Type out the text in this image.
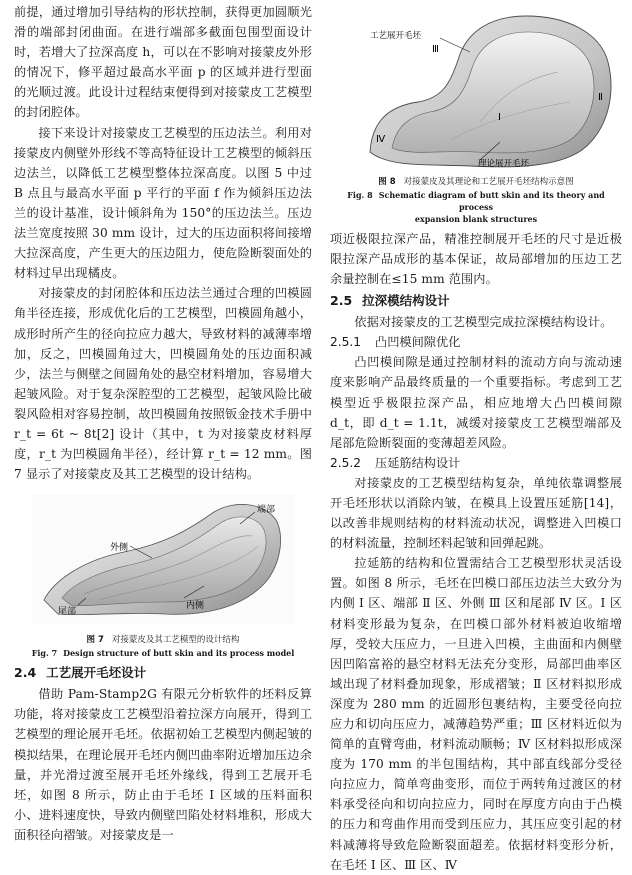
前提，通过增加引导结构的形状控制，获得更加圆顺光滑的端部封闭曲面。在进行端部多截面包围型面设计时，若增大了拉深高度 h，可以在不影响对接蒙皮外形的情况下，修平超过最高水平面 p 的区域并进行型面的光顺过渡。此设计过程结束便得到对接蒙皮工艺模型的封闭腔体。

接下来设计对接蒙皮工艺模型的压边法兰。利用对接蒙皮内侧壁外形线不等高特征设计工艺模型的倾斜压边法兰，以降低工艺模型整体拉深高度。以图 5 中过 B 点且与最高水平面 p 平行的平面 f 作为倾斜压边法兰的设计基准，设计倾斜角为 150°的压边法兰。压边法兰宽度按照 30 mm 设计，过大的压边面积将间接增大拉深高度，产生更大的压边阻力，使危险断裂面处的材料过早出现橘皮。

对接蒙皮的封闭腔体和压边法兰通过合理的凹模圆角半径连接，形成优化后的工艺模型，凹模圆角越小，成形时所产生的径向拉应力越大，导致材料的减薄率增加，反之，凹模圆角过大，凹模圆角处的压边面积减少，法兰与侧壁之间圆角处的悬空材料增加，容易增大起皱风险。对于复杂深腔型的工艺模型，起皱风险比破裂风险相对容易控制，故凹模圆角按照钣金技术手册中 r_t = 6t ~ 8t[2] 设计（其中，t 为对接蒙皮材料厚度，r_t 为凹模圆角半径），经计算 r_t = 12 mm。图 7 显示了对接蒙皮及其工艺模型的设计结构。

外侧
端部
内侧
尾部
图 7 对接蒙皮及其工艺模型的设计结构
Fig. 7 Design structure of butt skin and its process model
2.4 工艺展开毛坯设计

借助 Pam-Stamp2G 有限元分析软件的坯料反算功能，将对接蒙皮工艺模型沿着拉深方向展开，得到工艺模型的理论展开毛坯。依据初始工艺模型内侧起皱的模拟结果，在理论展开毛坯内侧凹曲率附近增加压边余量，并光滑过渡至展开毛坯外缘线，得到工艺展开毛坯，如图 8 所示，防止由于毛坯 Ⅰ 区域的压料面积小、进料速度快，导致内侧壁凹陷处材料堆积，形成大面积径向褶皱。对接蒙皮是一

工艺展开毛坯
理论展开毛坯
Ⅰ
Ⅱ
Ⅲ
Ⅳ
图 8 对接蒙皮及其理论和工艺展开毛坯结构示意图
Fig. 8 Schematic diagram of butt skin and its theory and process
expansion blank structures

项近极限拉深产品，精准控制展开毛坯的尺寸是近极限拉深产品成形的基本保证，故局部增加的压边工艺余量控制在≤15 mm 范围内。

2.5 拉深模结构设计

依据对接蒙皮的工艺模型完成拉深模结构设计。

2.5.1 凸凹模间隙优化

凸凹模间隙是通过控制材料的流动方向与流动速度来影响产品最终质量的一个重要指标。考虑到工艺模型近乎极限拉深产品，相应地增大凸凹模间隙 d_t，即 d_t = 1.1t，减缓对接蒙皮工艺模型端部及尾部危险断裂面的变薄超差风险。

2.5.2 压延筋结构设计

对接蒙皮的工艺模型结构复杂，单纯依靠调整展开毛坯形状以消除内皱，在模具上设置压延筋[14]，以改善非规则结构的材料流动状况，调整进入凹模口的材料流量，控制坯料起皱和回弹起跳。

拉延筋的结构和位置需结合工艺模型形状灵活设置。如图 8 所示，毛坯在凹模口部压边法兰大致分为内侧 Ⅰ 区、端部 Ⅱ 区、外侧 Ⅲ 区和尾部 Ⅳ 区。Ⅰ 区材料变形最为复杂，在凹模口部外材料被迫收缩增厚，受较大压应力，一旦进入凹模，主曲面和内侧壁因凹陷富裕的悬空材料无法充分变形，局部凹曲率区域出现了材料叠加现象，形成褶皱；Ⅱ 区材料拟形成深度为 280 mm 的近圆形包裹结构，主要受径向拉应力和切向压应力，减薄趋势严重；Ⅲ 区材料近似为简单的直臂弯曲，材料流动顺畅；Ⅳ 区材料拟形成深度为 170 mm 的半包围结构，其中部直线部分受径向拉应力，简单弯曲变形，而位于两转角过渡区的材料承受径向和切向拉应力，同时在厚度方向由于凸模的压力和弯曲作用而受到压应力，其压应变引起的材料减薄将导致危险断裂面超差。依据材料变形分析，在毛坯 Ⅰ 区、Ⅲ 区、Ⅳ
